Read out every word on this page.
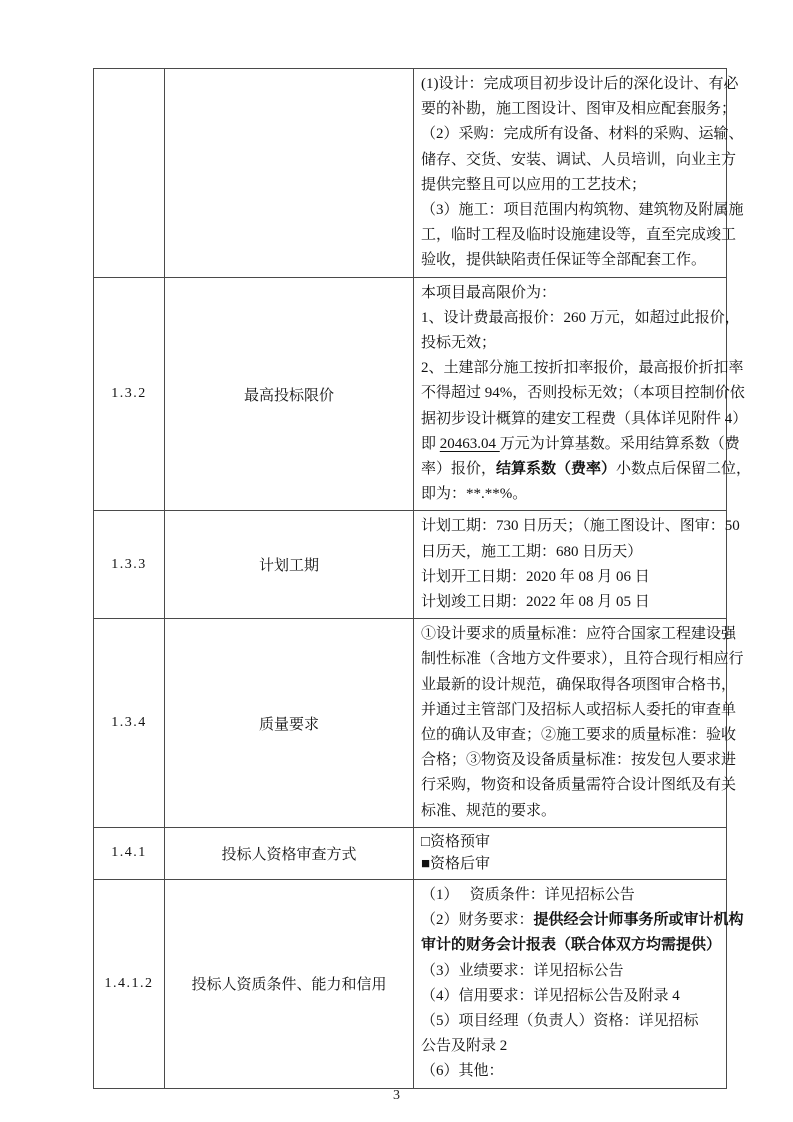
(1)设计：完成项目初步设计后的深化设计、有必
要的补勘，施工图设计、图审及相应配套服务；
（2）采购：完成所有设备、材料的采购、运输、
储存、交货、安装、调试、人员培训，向业主方
提供完整且可以应用的工艺技术；
（3）施工：项目范围内构筑物、建筑物及附属施
工，临时工程及临时设施建设等，直至完成竣工
验收，提供缺陷责任保证等全部配套工作。

1.3.2	最高投标限价	
本项目最高限价为：
1、设计费最高报价：260 万元，如超过此报价，
投标无效；
2、土建部分施工按折扣率报价，最高报价折扣率
不得超过 94%，否则投标无效；（本项目控制价依
据初步设计概算的建安工程费（具体详见附件 4）
即 20463.04 万元为计算基数。采用结算系数（费
率）报价，结算系数（费率）小数点后保留二位，
即为：**.**%。

1.3.3	计划工期	计划工期：730 日历天；（施工图设计、图审：50
日历天，施工工期：680 日历天）
计划开工日期：2020 年 08 月 06 日
计划竣工日期：2022 年 08 月 05 日

1.3.4	质量要求	
①设计要求的质量标准：应符合国家工程建设强
制性标准（含地方文件要求），且符合现行相应行
业最新的设计规范，确保取得各项图审合格书，
并通过主管部门及招标人或招标人委托的审查单
位的确认及审查；②施工要求的质量标准：验收
合格；③物资及设备质量标准：按发包人要求进
行采购，物资和设备质量需符合设计图纸及有关
标准、规范的要求。

1.4.1	投标人资格审查方式	□资格预审
■资格后审

1.4.1.2	投标人资质条件、能力和信用	
（1）　 资质条件：详见招标公告
（2）财务要求：提供经会计师事务所或审计机构
审计的财务会计报表（联合体双方均需提供）
（3）业绩要求：详见招标公告
（4）信用要求：详见招标公告及附录 4
（5）项目经理（负责人）资格：详见招标
公告及附录 2
（6）其他：
3
